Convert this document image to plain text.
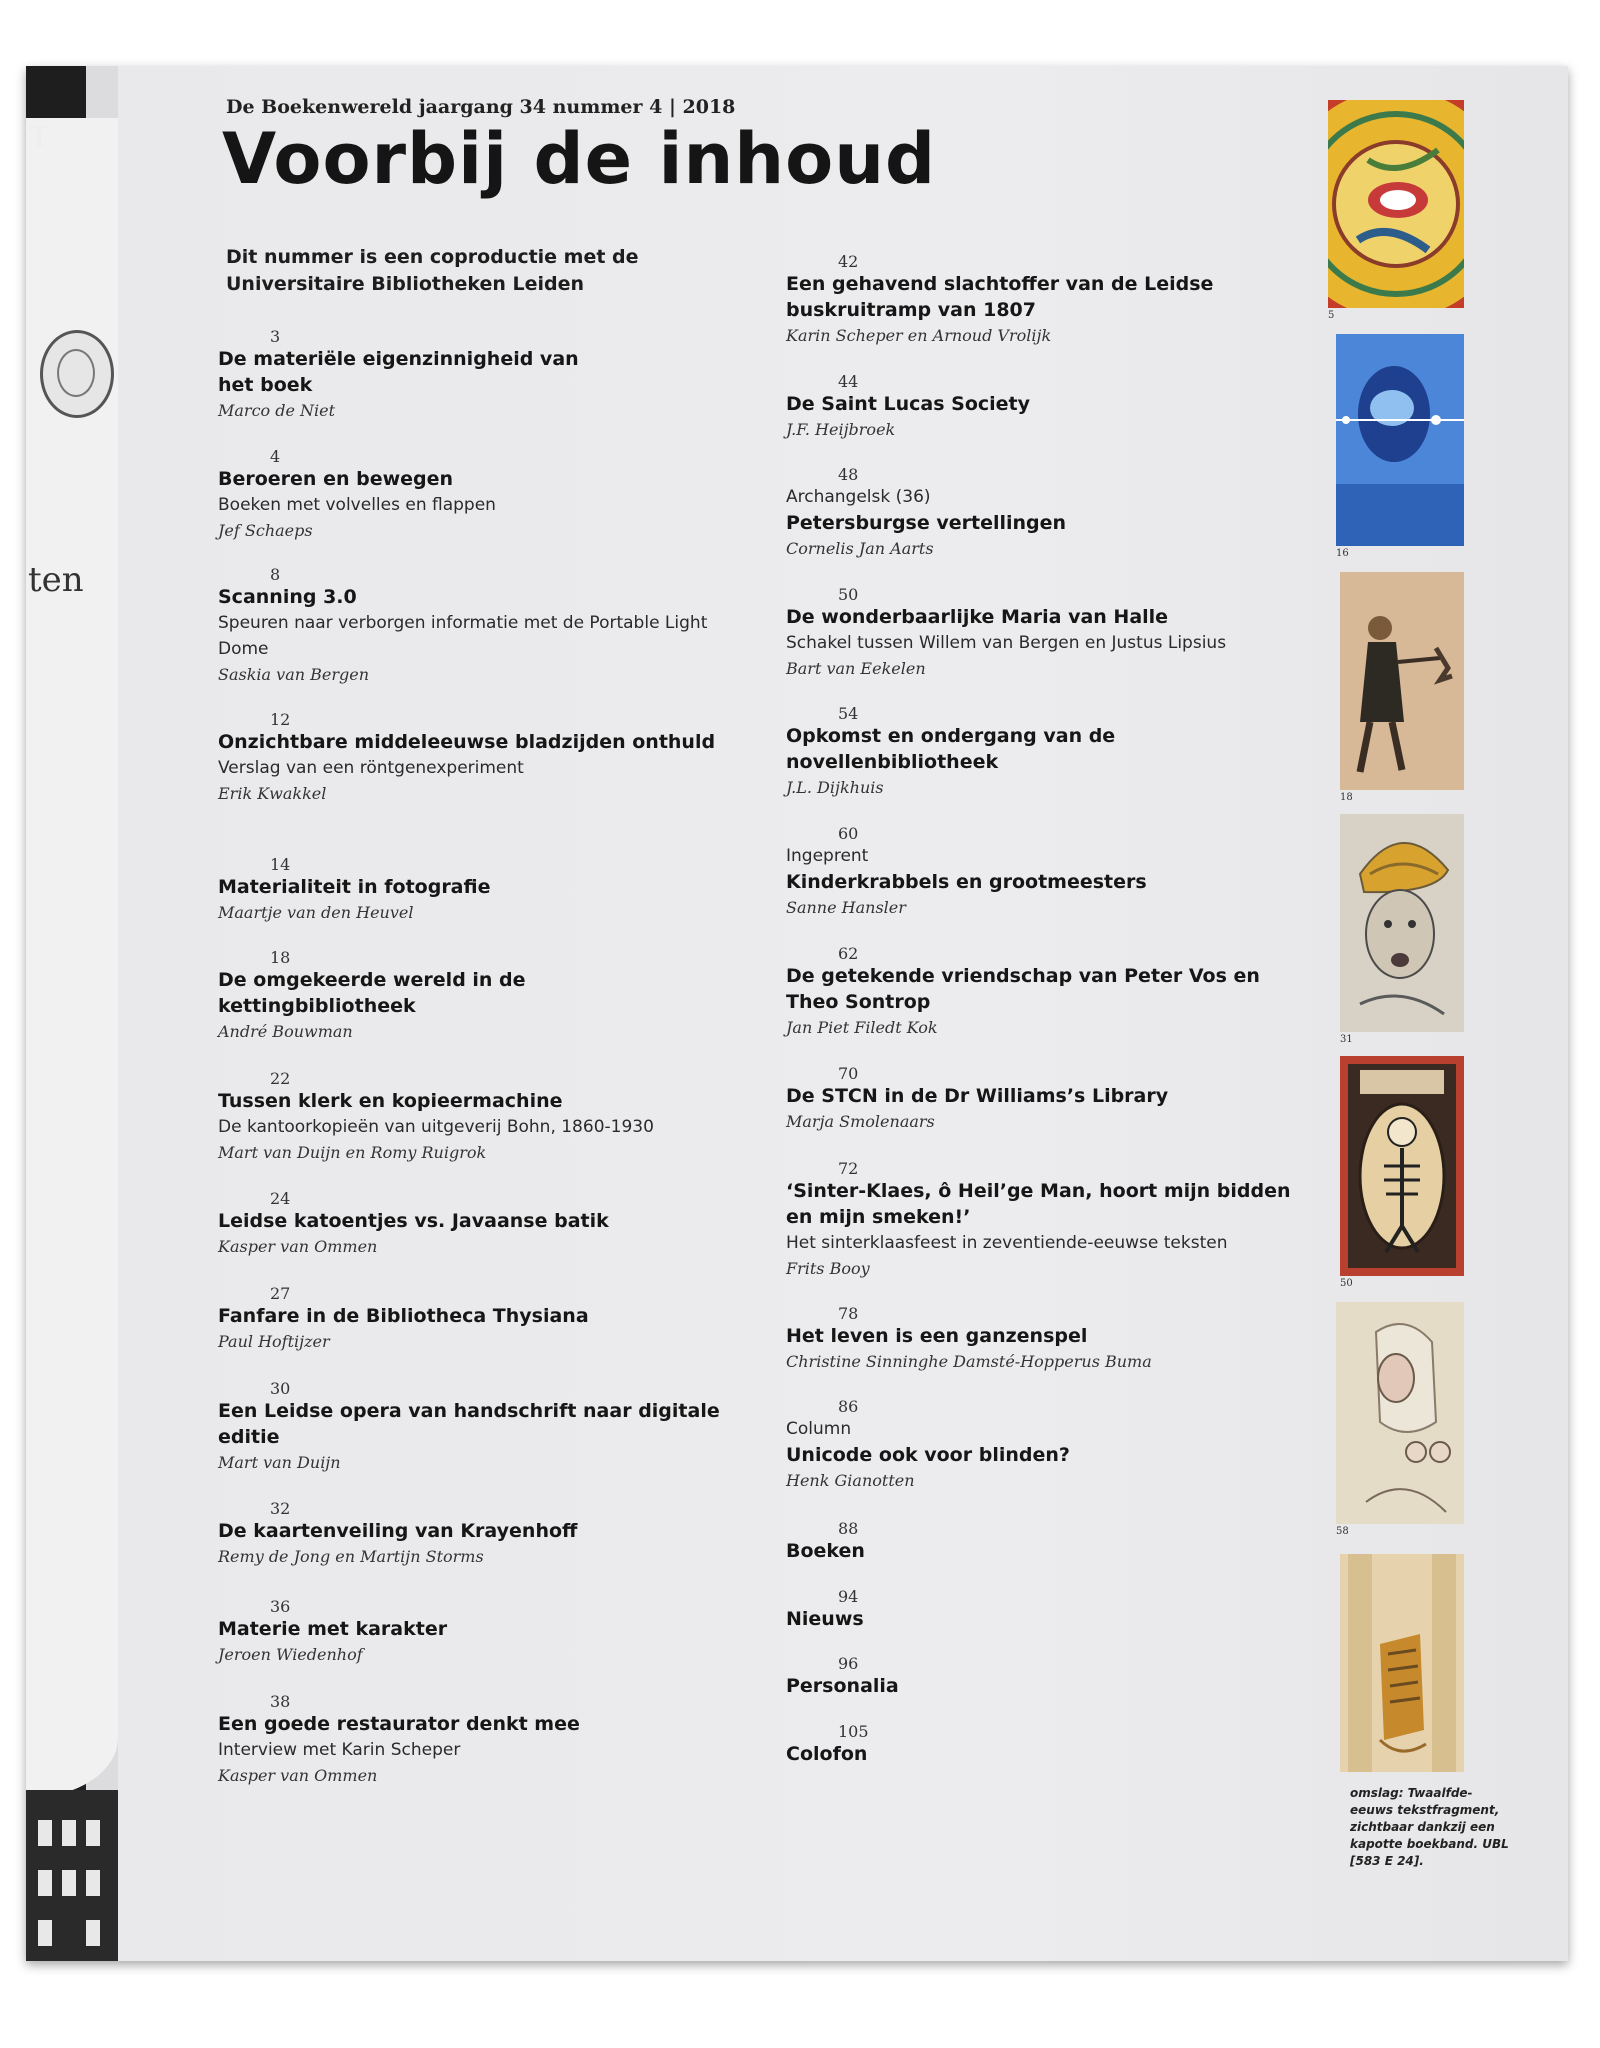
T
ten
De Boekenwereld jaargang 34 nummer 4 | 2018
Voorbij de inhoud
Dit nummer is een coproductie met de Universitaire Bibliotheken Leiden
3
De materiële eigenzinnigheid van het boek
Marco de Niet
4
Beroeren en bewegen
Boeken met volvelles en flappen
Jef Schaeps
8
Scanning 3.0
Speuren naar verborgen informatie met de Portable Light Dome
Saskia van Bergen
12
Onzichtbare middeleeuwse bladzijden onthuld
Verslag van een röntgenexperiment
Erik Kwakkel
14
Materialiteit in fotografie
Maartje van den Heuvel
18
De omgekeerde wereld in de kettingbibliotheek
André Bouwman
22
Tussen klerk en kopieermachine
De kantoorkopieën van uitgeverij Bohn, 1860-1930
Mart van Duijn en Romy Ruigrok
24
Leidse katoentjes vs. Javaanse batik
Kasper van Ommen
27
Fanfare in de Bibliotheca Thysiana
Paul Hoftijzer
30
Een Leidse opera van handschrift naar digitale editie
Mart van Duijn
32
De kaartenveiling van Krayenhoff
Remy de Jong en Martijn Storms
36
Materie met karakter
Jeroen Wiedenhof
38
Een goede restaurator denkt mee
Interview met Karin Scheper
Kasper van Ommen
42
Een gehavend slachtoffer van de Leidse buskruitramp van 1807
Karin Scheper en Arnoud Vrolijk
44
De Saint Lucas Society
J.F. Heijbroek
48
Archangelsk (36)
Petersburgse vertellingen
Cornelis Jan Aarts
50
De wonderbaarlijke Maria van Halle
Schakel tussen Willem van Bergen en Justus Lipsius
Bart van Eekelen
54
Opkomst en ondergang van de novellenbibliotheek
J.L. Dijkhuis
60
Ingeprent
Kinderkrabbels en grootmeesters
Sanne Hansler
62
De getekende vriendschap van Peter Vos en Theo Sontrop
Jan Piet Filedt Kok
70
De STCN in de Dr Williams’s Library
Marja Smolenaars
72
‘Sinter-Klaes, ô Heil’ge Man, hoort mijn bidden en mijn smeken!’
Het sinterklaasfeest in zeventiende-eeuwse teksten
Frits Booy
78
Het leven is een ganzenspel
Christine Sinninghe Damsté-Hopperus Buma
86
Column
Unicode ook voor blinden?
Henk Gianotten
88
Boeken
94
Nieuws
96
Personalia
105
Colofon
5
16
18
31
50
58
omslag: Twaalfde-eeuws tekstfragment, zichtbaar dankzij een kapotte boekband. UBL [583 E 24].
